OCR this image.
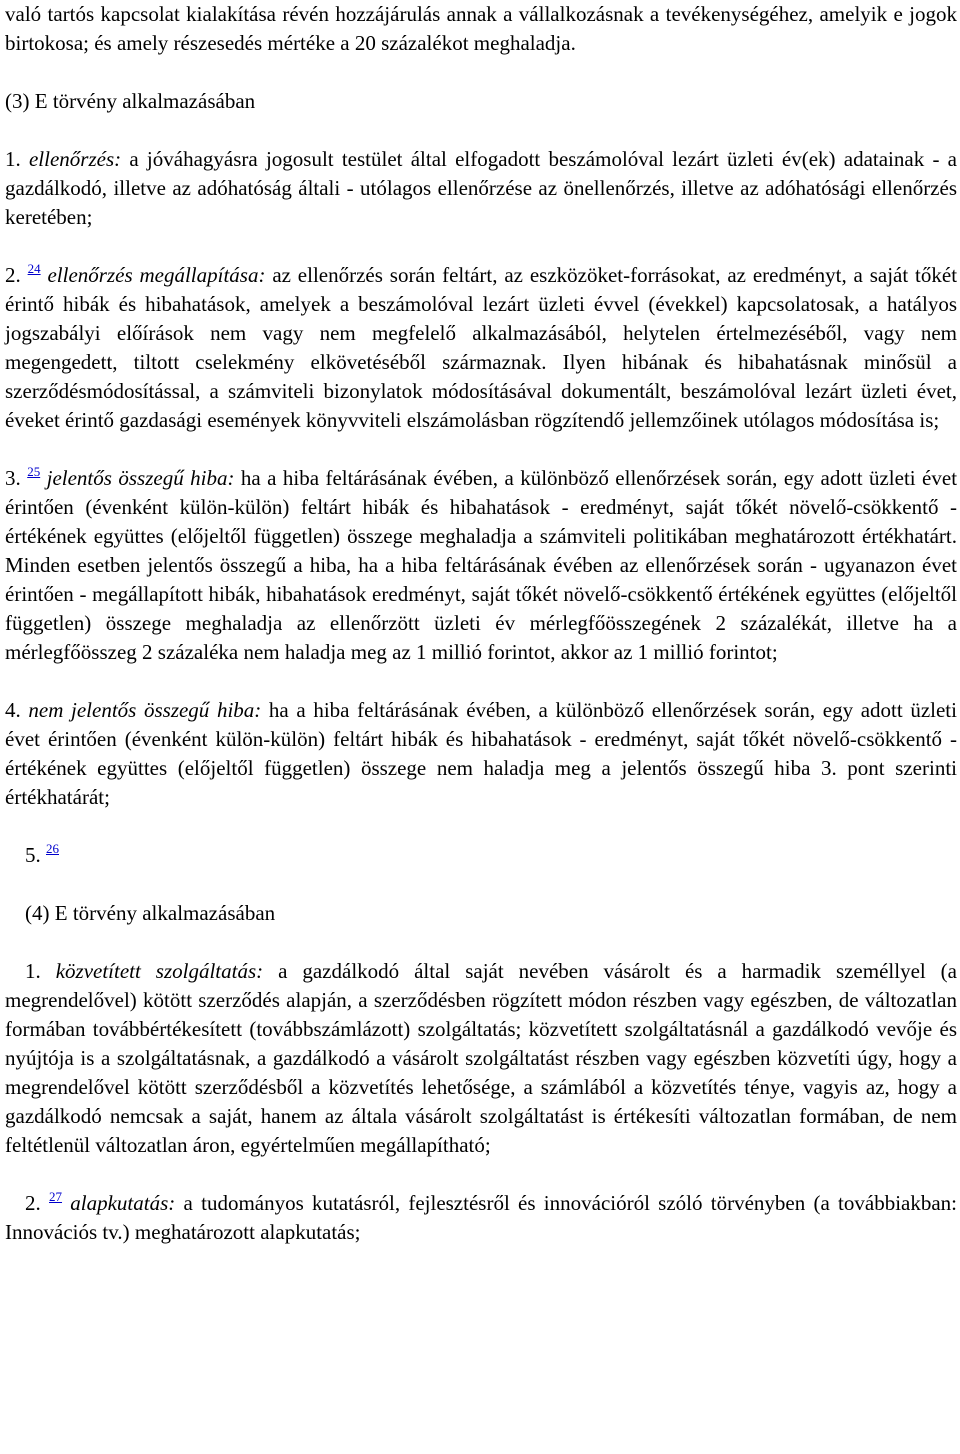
való tartós kapcsolat kialakítása révén hozzájárulás annak a vállalkozásnak a tevékenységéhez, amelyik e jogok birtokosa; és amely részesedés mértéke a 20 százalékot meghaladja.

(3) E törvény alkalmazásában

1. ellenőrzés: a jóváhagyásra jogosult testület által elfogadott beszámolóval lezárt üzleti év(ek) adatainak - a gazdálkodó, illetve az adóhatóság általi - utólagos ellenőrzése az önellenőrzés, illetve az adóhatósági ellenőrzés keretében;

2. $^{24}$ ellenőrzés megállapítása: az ellenőrzés során feltárt, az eszközöket-forrásokat, az eredményt, a saját tőkét érintő hibák és hibahatások, amelyek a beszámolóval lezárt üzleti évvel (évekkel) kapcsolatosak, a hatályos jogszabályi előírások nem vagy nem megfelelő alkalmazásából, helytelen értelmezéséből, vagy nem megengedett, tiltott cselekmény elkövetéséből származnak. Ilyen hibának és hibahatásnak minősül a szerződésmódosítással, a számviteli bizonylatok módosításával dokumentált, beszámolóval lezárt üzleti évet, éveket érintő gazdasági események könyvviteli elszámolásban rögzítendő jellemzőinek utólagos módosítása is;

3. $^{25}$ jelentős összegű hiba: ha a hiba feltárásának évében, a különböző ellenőrzések során, egy adott üzleti évet érintően (évenként külön-külön) feltárt hibák és hibahatások - eredményt, saját tőkét növelő-csökkentő - értékének együttes (előjeltől független) összege meghaladja a számviteli politikában meghatározott értékhatárt. Minden esetben jelentős összegű a hiba, ha a hiba feltárásának évében az ellenőrzések során - ugyanazon évet érintően - megállapított hibák, hibahatások eredményt, saját tőkét növelő-csökkentő értékének együttes (előjeltől független) összege meghaladja az ellenőrzött üzleti év mérlegfőösszegének 2 százalékát, illetve ha a mérlegfőösszeg 2 százaléka nem haladja meg az 1 millió forintot, akkor az 1 millió forintot;

4. nem jelentős összegű hiba: ha a hiba feltárásának évében, a különböző ellenőrzések során, egy adott üzleti évet érintően (évenként külön-külön) feltárt hibák és hibahatások - eredményt, saját tőkét növelő-csökkentő - értékének együttes (előjeltől független) összege nem haladja meg a jelentős összegű hiba 3. pont szerinti értékhatárát;

5. $^{26}$

(4) E törvény alkalmazásában

1. közvetített szolgáltatás: a gazdálkodó által saját nevében vásárolt és a harmadik személlyel (a megrendelővel) kötött szerződés alapján, a szerződésben rögzített módon részben vagy egészben, de változatlan formában továbbértékesített (továbbszámlázott) szolgáltatás; közvetített szolgáltatásnál a gazdálkodó vevője és nyújtója is a szolgáltatásnak, a gazdálkodó a vásárolt szolgáltatást részben vagy egészben közvetíti úgy, hogy a megrendelővel kötött szerződésből a közvetítés lehetősége, a számlából a közvetítés ténye, vagyis az, hogy a gazdálkodó nemcsak a saját, hanem az általa vásárolt szolgáltatást is értékesíti változatlan formában, de nem feltétlenül változatlan áron, egyértelműen megállapítható;

2. $^{27}$ alapkutatás: a tudományos kutatásról, fejlesztésről és innovációról szóló törvényben (a továbbiakban: Innovációs tv.) meghatározott alapkutatás;
